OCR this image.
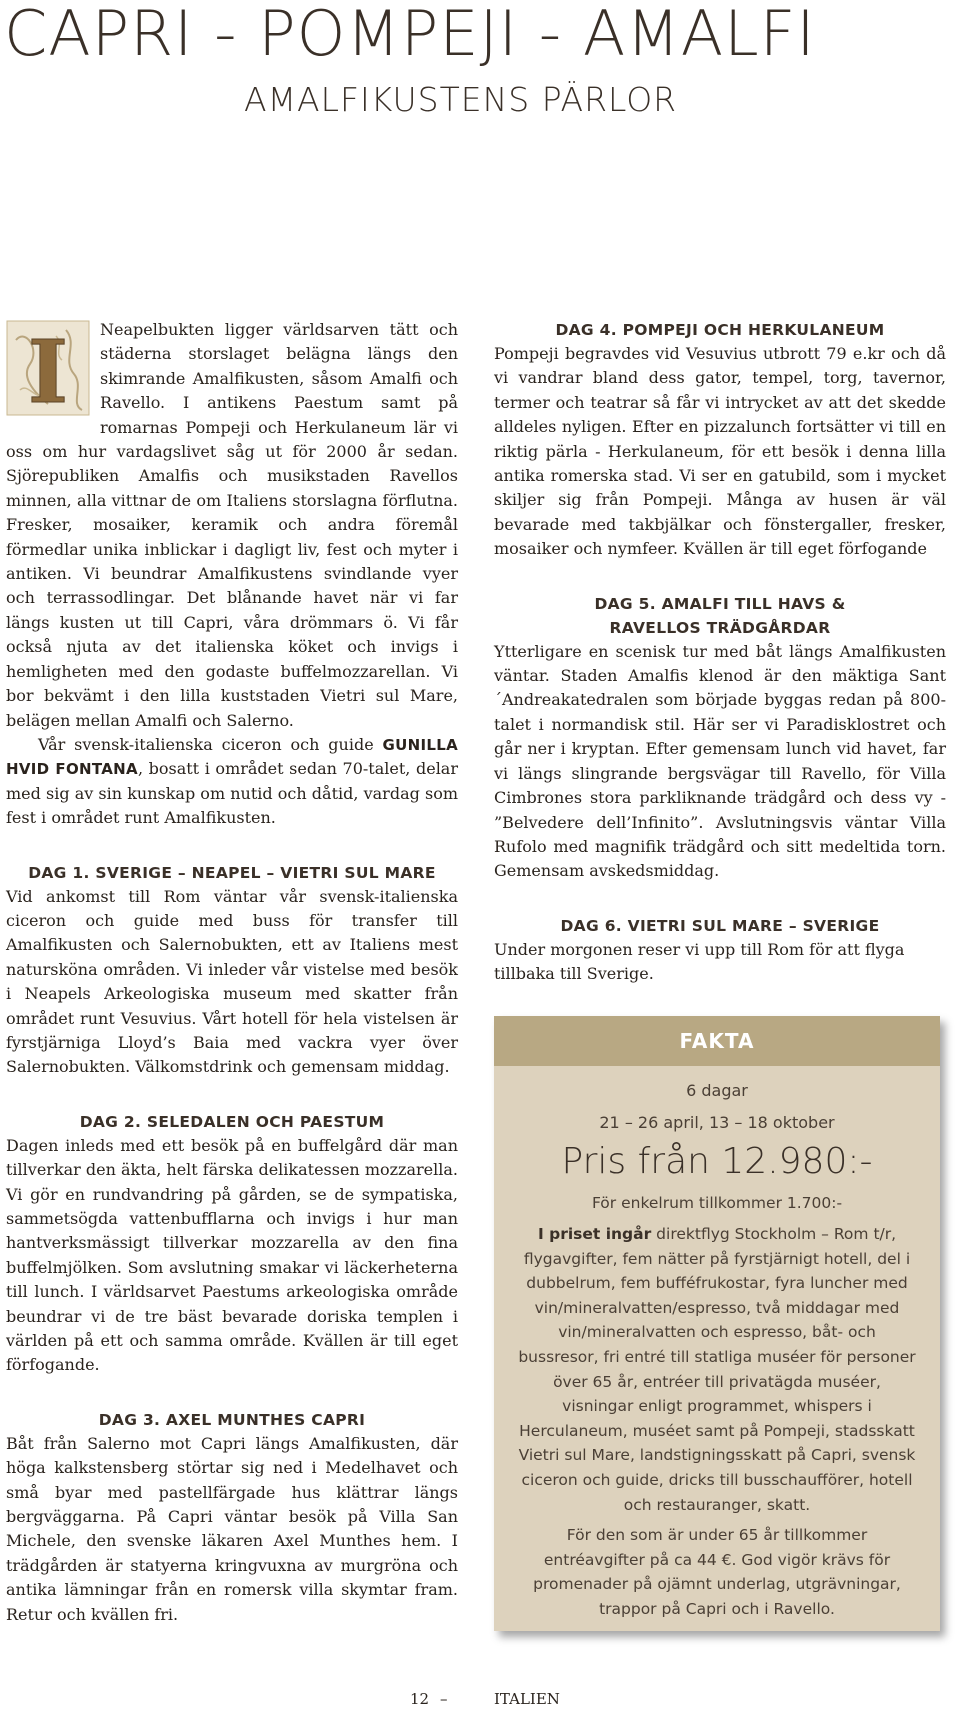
CAPRI - POMPEJI - AMALFI
AMALFIKUSTENS PÄRLOR
I	Neapelbukten ligger världsarven tätt och städerna storslaget belägna längs den skimrande Amalfikusten, såsom Amalfi och Ravello. I antikens Paestum samt på romarnas Pompeji och Herkulaneum lär vi oss om hur vardagslivet såg ut för 2000 år sedan. Sjörepubliken Amalfis och musikstaden Ravellos minnen, alla vittnar de om Italiens storslagna förflutna. Fresker, mosaiker, keramik och andra föremål förmedlar unika inblickar i dagligt liv, fest och myter i antiken. Vi beundrar Amalfikustens svindlande vyer och terrassodlingar. Det blånande havet när vi far längs kusten ut till Capri, våra drömmars ö. Vi får också njuta av det italienska köket och invigs i hemligheten med den godaste buffelmozzarellan. Vi bor bekvämt i den lilla kuststaden Vietri sul Mare, belägen mellan Amalfi och Salerno.

Vår svensk-italienska ciceron och guide GUNILLA HVID FONTANA, bosatt i området sedan 70-talet, delar med sig av sin kunskap om nutid och dåtid, vardag som fest i området runt Amalfikusten.

DAG 1. SVERIGE – NEAPEL – VIETRI SUL MARE

Vid ankomst till Rom väntar vår svensk-italienska ciceron och guide med buss för transfer till Amalfikusten och Salernobukten, ett av Italiens mest natursköna områden. Vi inleder vår vistelse med besök i Neapels Arkeologiska museum med skatter från området runt Vesuvius. Vårt hotell för hela vistelsen är fyrstjärniga Lloyd’s Baia med vackra vyer över Salernobukten. Välkomstdrink och gemensam middag.

DAG 2. SELEDALEN OCH PAESTUM

Dagen inleds med ett besök på en buffelgård där man tillverkar den äkta, helt färska delikatessen mozzarella. Vi gör en rundvandring på gården, se de sympatiska, sammetsögda vattenbufflarna och invigs i hur man hantverksmässigt tillverkar mozzarella av den fina buffelmjölken. Som avslutning smakar vi läckerheterna till lunch. I världsarvet Paestums arkeologiska område beundrar vi de tre bäst bevarade doriska templen i världen på ett och samma område. Kvällen är till eget förfogande.

DAG 3. AXEL MUNTHES CAPRI

Båt från Salerno mot Capri längs Amalfikusten, där höga kalkstensberg störtar sig ned i Medelhavet och små byar med pastellfärgade hus klättrar längs bergväggarna. På Capri väntar besök på Villa San Michele, den svenske läkaren Axel Munthes hem. I trädgården är statyerna kringvuxna av murgröna och antika lämningar från en romersk villa skymtar fram. Retur och kvällen fri.

DAG 4. POMPEJI OCH HERKULANEUM

Pompeji begravdes vid Vesuvius utbrott 79 e.kr och då vi vandrar bland dess gator, tempel, torg, tavernor, termer och teatrar så får vi intrycket av att det skedde alldeles nyligen. Efter en pizzalunch fortsätter vi till en riktig pärla - Herkulaneum, för ett besök i denna lilla antika romerska stad. Vi ser en gatubild, som i mycket skiljer sig från Pompeji. Många av husen är väl bevarade med takbjälkar och fönstergaller, fresker, mosaiker och nymfeer. Kvällen är till eget förfogande

DAG 5. AMALFI TILL HAVS &
RAVELLOS TRÄDGÅRDAR

Ytterligare en scenisk tur med båt längs Amalfikusten väntar. Staden Amalfis klenod är den mäktiga Sant´Andreakatedralen som började byggas redan på 800-talet i normandisk stil. Här ser vi Paradisklostret och går ner i kryptan. Efter gemensam lunch vid havet, far vi längs slingrande bergsvägar till Ravello, för Villa Cimbrones stora parkliknande trädgård och dess vy - ”Belvedere dell’Infinito”. Avslutningsvis väntar Villa Rufolo med magnifik trädgård och sitt medeltida torn. Gemensam avskedsmiddag.

DAG 6. VIETRI SUL MARE – SVERIGE

Under morgonen reser vi upp till Rom för att flyga tillbaka till Sverige.

FAKTA
6 dagar
21 – 26 april, 13 – 18 oktober
Pris från 12.980:-
För enkelrum tillkommer 1.700:-
I priset ingår direktflyg Stockholm – Rom t/r, flygavgifter, fem nätter på fyrstjärnigt hotell, del i dubbelrum, fem bufféfrukostar, fyra luncher med vin/mineralvatten/espresso, två middagar med vin/mineralvatten och espresso, båt- och bussresor, fri entré till statliga muséer för personer över 65 år, entréer till privatägda muséer, visningar enligt programmet, whispers i Herculaneum, muséet samt på Pompeji, stadsskatt Vietri sul Mare, landstigningsskatt på Capri, svensk ciceron och guide, dricks till busschaufförer, hotell och restauranger, skatt.
För den som är under 65 år tillkommer entréavgifter på ca 44 €. God vigör krävs för promenader på ojämnt underlag, utgrävningar, trappor på Capri och i Ravello.
12 –	ITALIEN
